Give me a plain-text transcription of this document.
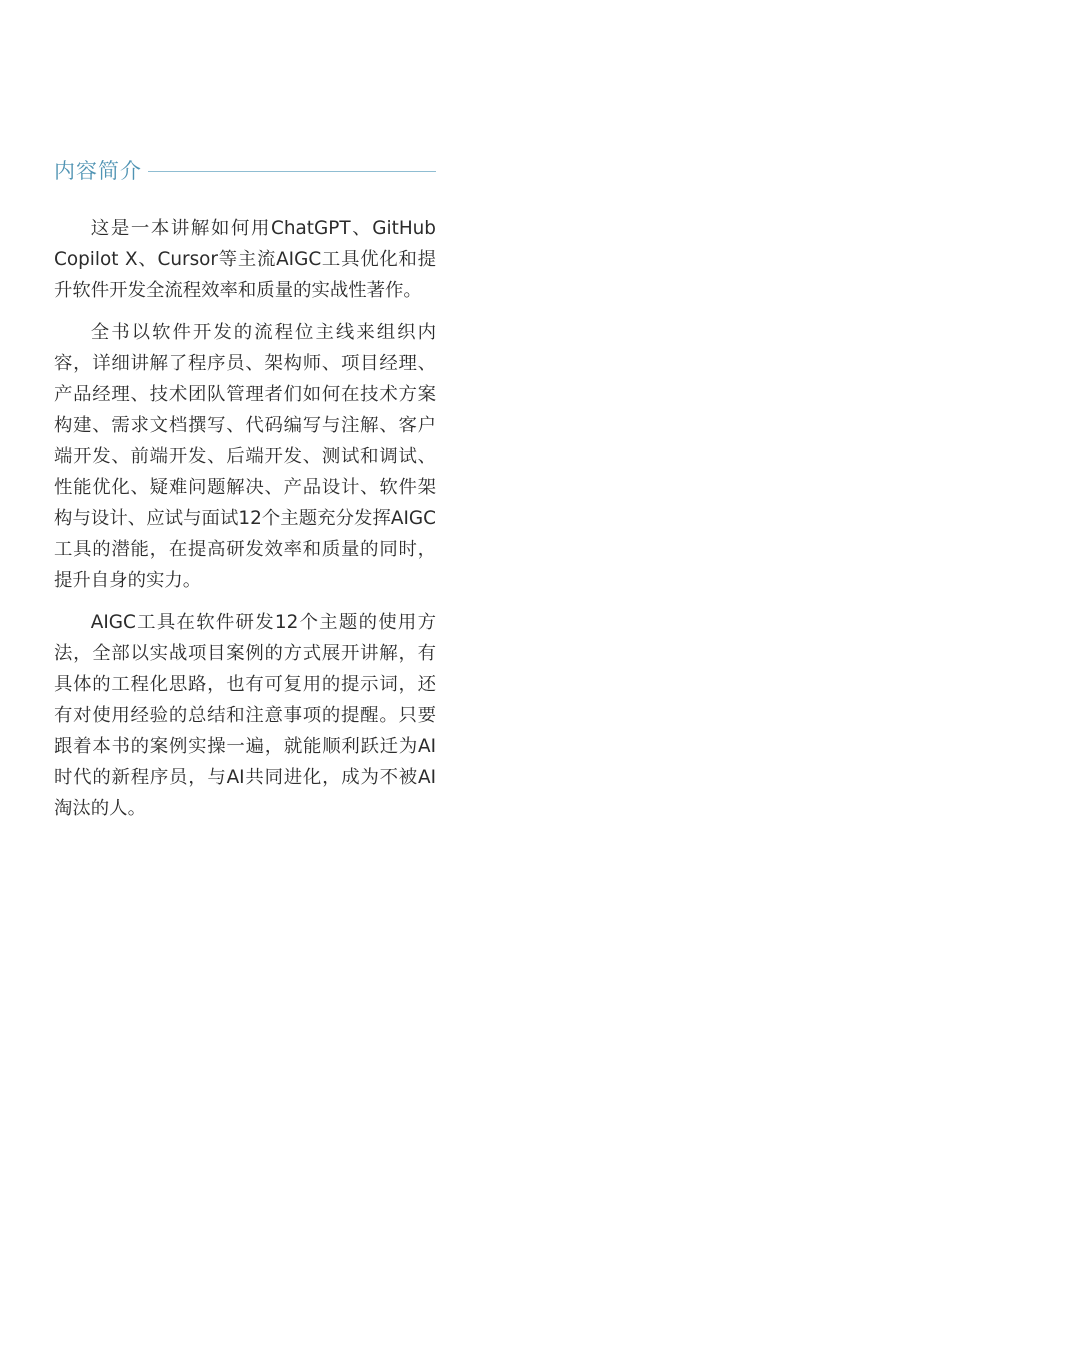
内容简介

这是一本讲解如何用ChatGPT、GitHub Copilot X、Cursor等主流AIGC工具优化和提升软件开发全流程效率和质量的实战性著作。

全书以软件开发的流程位主线来组织内容，详细讲解了程序员、架构师、项目经理、产品经理、技术团队管理者们如何在技术方案构建、需求文档撰写、代码编写与注解、客户端开发、前端开发、后端开发、测试和调试、性能优化、疑难问题解决、产品设计、软件架构与设计、应试与面试12个主题充分发挥AIGC工具的潜能，在提高研发效率和质量的同时，提升自身的实力。

AIGC工具在软件研发12个主题的使用方法，全部以实战项目案例的方式展开讲解，有具体的工程化思路，也有可复用的提示词，还有对使用经验的总结和注意事项的提醒。只要跟着本书的案例实操一遍，就能顺利跃迁为AI时代的新程序员，与AI共同进化，成为不被AI淘汰的人。
